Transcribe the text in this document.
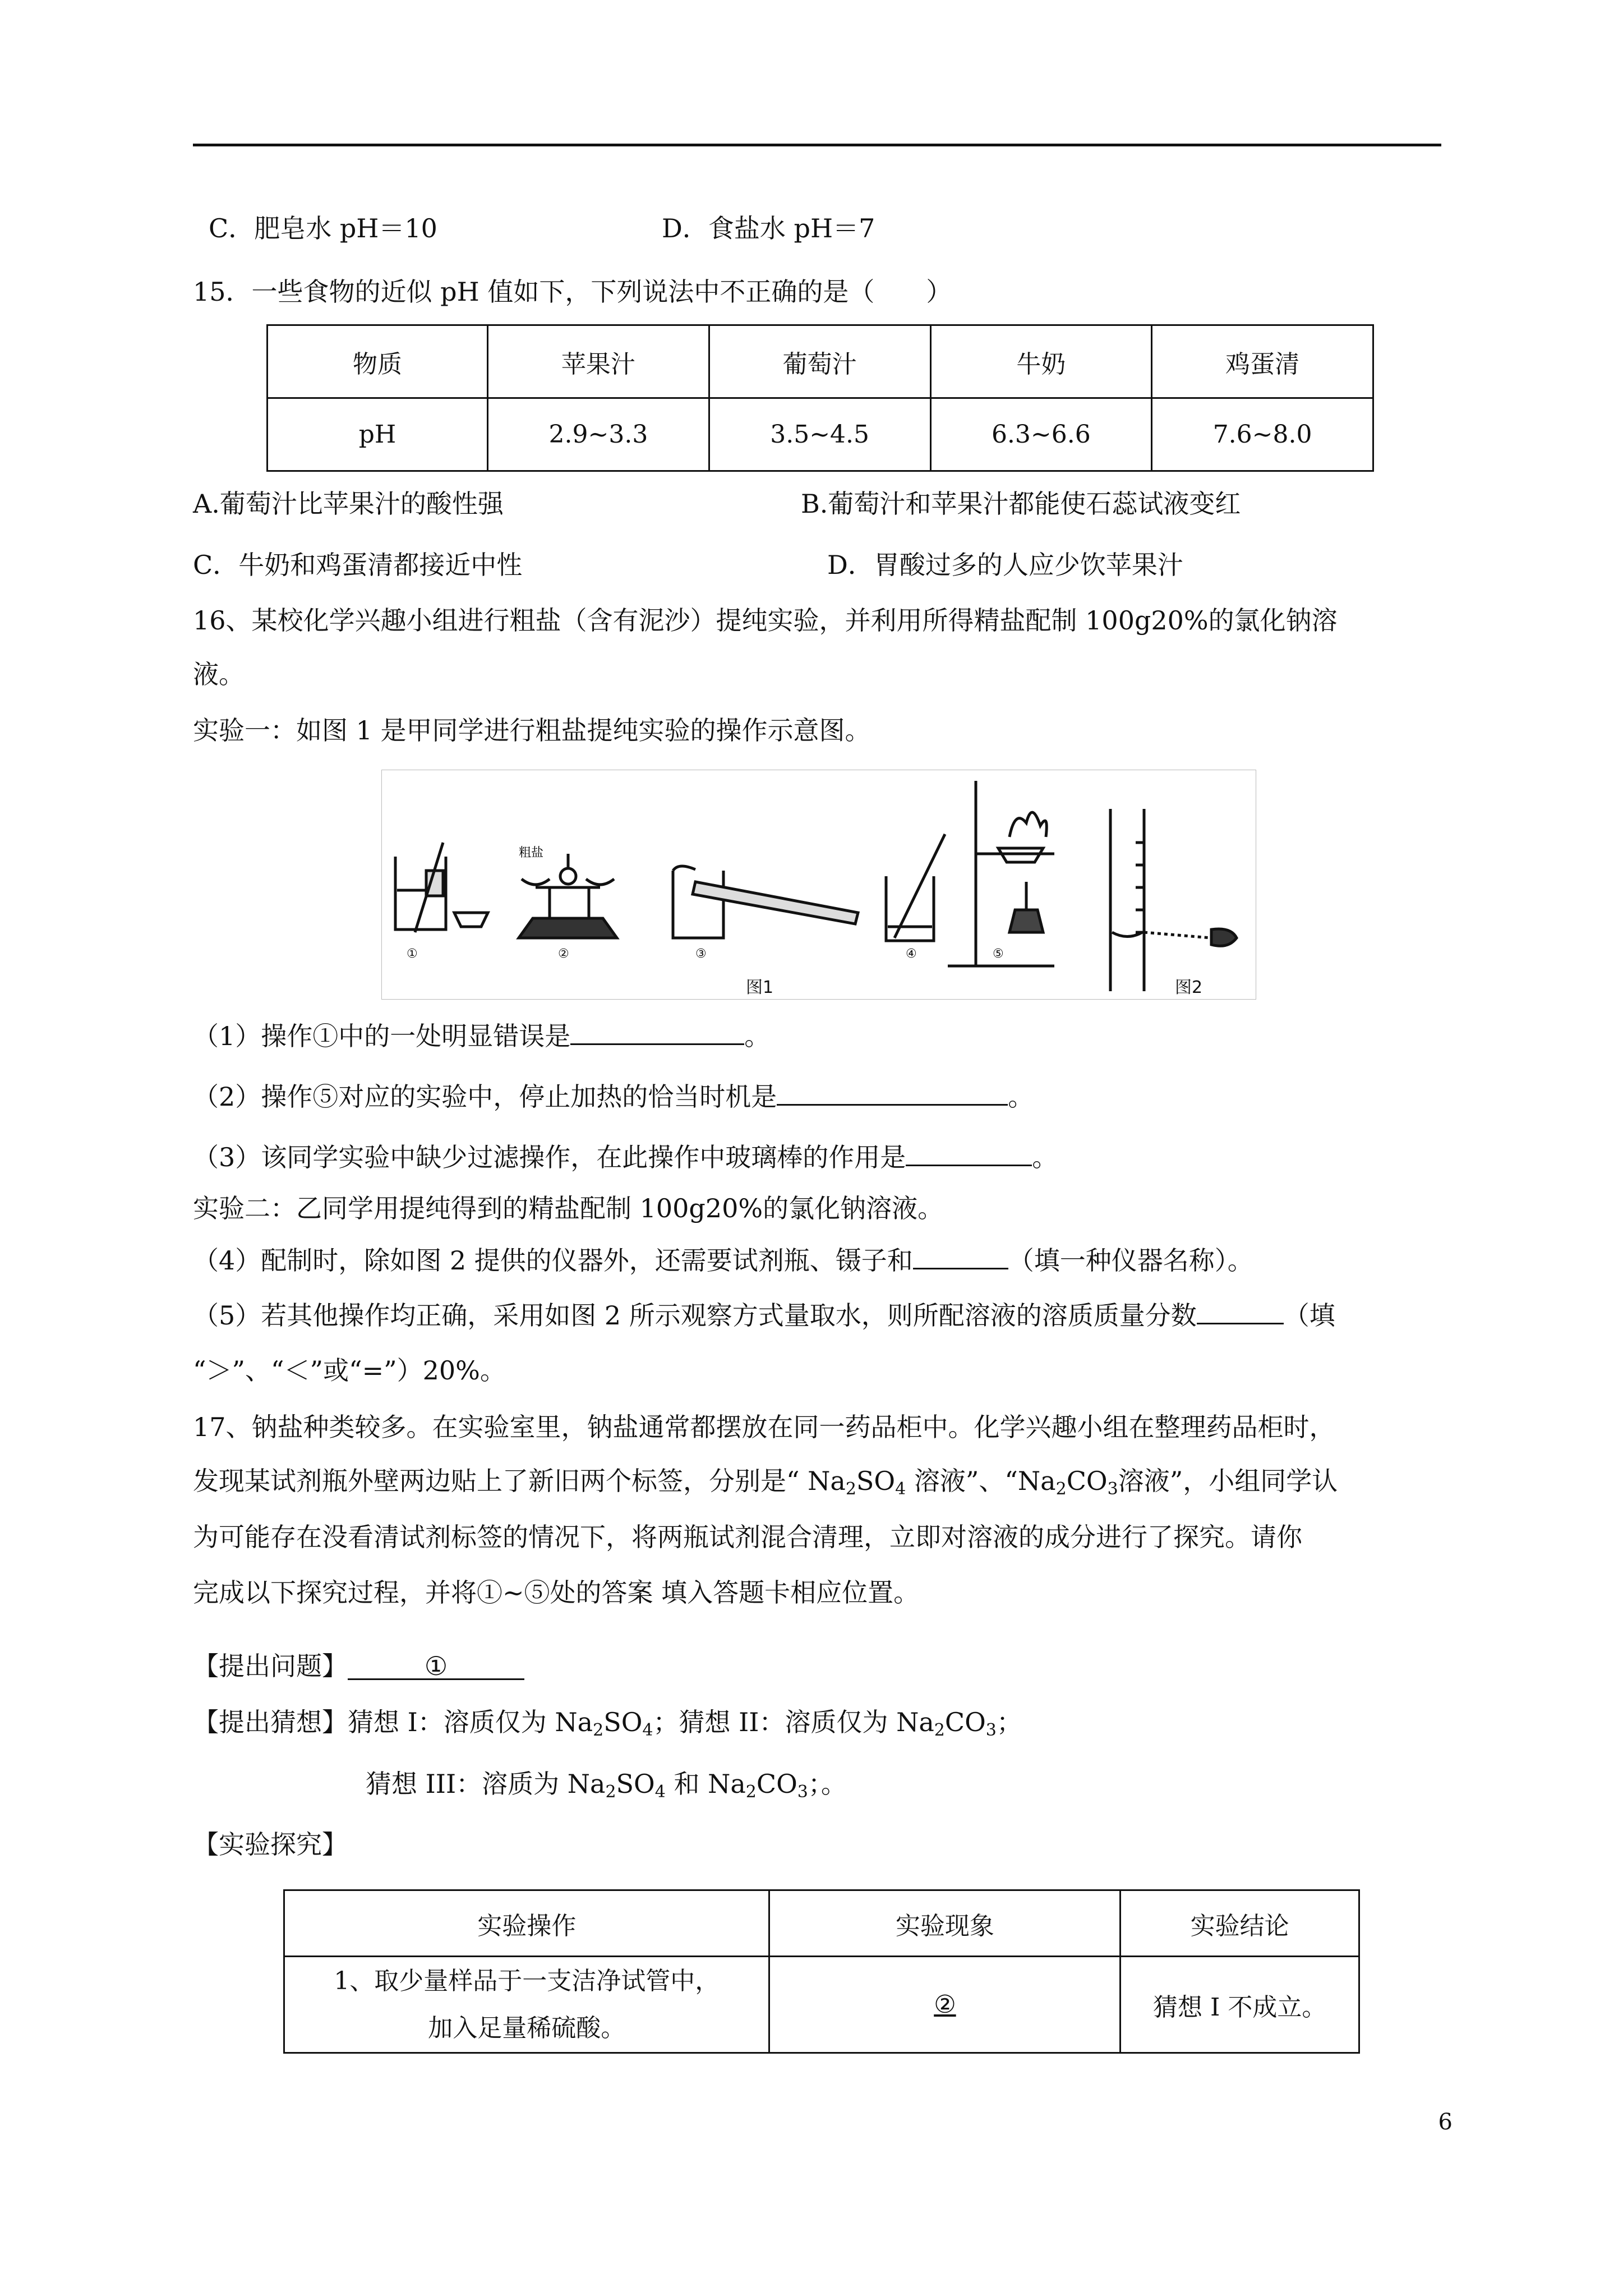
C．肥皂水 pH＝10	D．食盐水 pH＝7
15．一些食物的近似 pH 值如下，下列说法中不正确的是（　　）
物质	苹果汁	葡萄汁	牛奶	鸡蛋清
pH	2.9~3.3	3.5~4.5	6.3~6.6	7.6~8.0
A.葡萄汁比苹果汁的酸性强	B.葡萄汁和苹果汁都能使石蕊试液变红
C．牛奶和鸡蛋清都接近中性	D．胃酸过多的人应少饮苹果汁
16、某校化学兴趣小组进行粗盐（含有泥沙）提纯实验，并利用所得精盐配制 100g20%的氯化钠溶
液。
实验一：如图 1 是甲同学进行粗盐提纯实验的操作示意图。
粗盐
①	②	③	④	⑤
图1	图2
（1）操作①中的一处明显错误是	。
（2）操作⑤对应的实验中，停止加热的恰当时机是	。
（3）该同学实验中缺少过滤操作，在此操作中玻璃棒的作用是	。
实验二：乙同学用提纯得到的精盐配制 100g20%的氯化钠溶液。
（4）配制时，除如图 2 提供的仪器外，还需要试剂瓶、镊子和	（填一种仪器名称）。
（5）若其他操作均正确，采用如图 2 所示观察方式量取水，则所配溶液的溶质质量分数	（填
“＞”、“＜”或“=”）20%。
17、钠盐种类较多。在实验室里，钠盐通常都摆放在同一药品柜中。化学兴趣小组在整理药品柜时，
发现某试剂瓶外壁两边贴上了新旧两个标签，分别是“ $Na_2SO_4$ 溶液”、“$Na_2CO_3$溶液”，小组同学认
为可能存在没看清试剂标签的情况下，将两瓶试剂混合清理，立即对溶液的成分进行了探究。请你
完成以下探究过程，并将①~⑤处的答案 填入答题卡相应位置。
【提出问题】	①
【提出猜想】猜想 I：溶质仅为 $Na_2SO_4$；猜想 II：溶质仅为 $Na_2CO_3$；
猜想 III：溶质为 $Na_2SO_4$ 和 $Na_2CO_3$；。
【实验探究】
实验操作	实验现象	实验结论

1、取少量样品于一支洁净试管中，
加入足量稀硫酸。	②	猜想 I 不成立。
6
